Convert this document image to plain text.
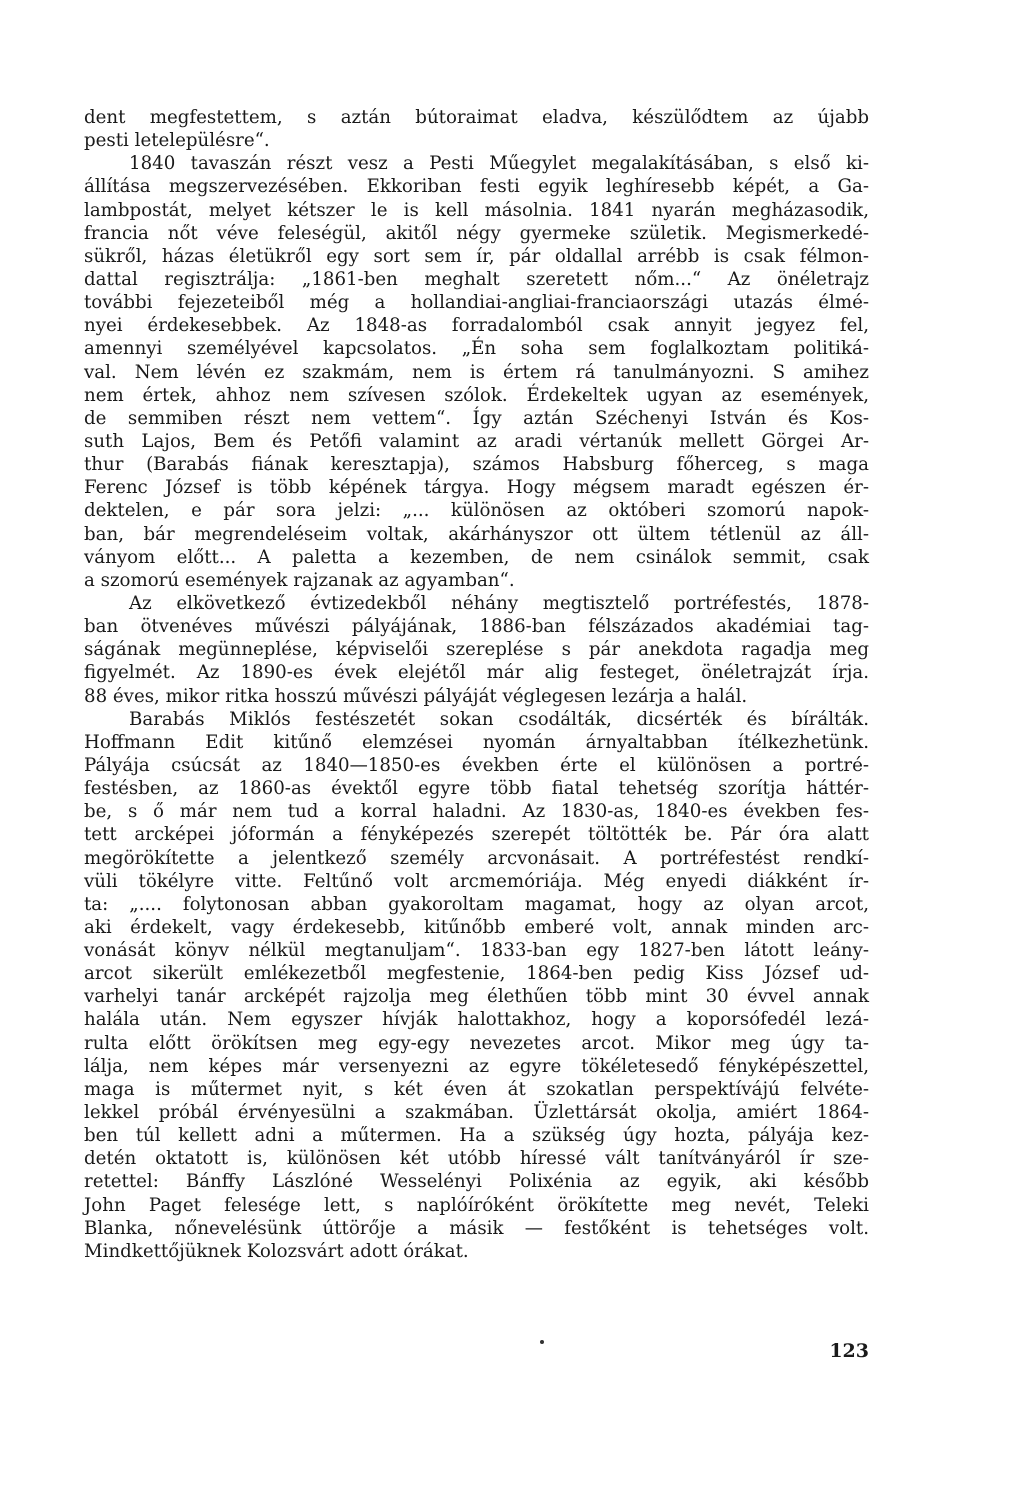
dent megfestettem, s aztán bútoraimat eladva, készülődtem az újabb
pesti letelepülésre“.
1840 tavaszán részt vesz a Pesti Műegylet megalakításában, s első ki-
állítása megszervezésében. Ekkoriban festi egyik leghíresebb képét, a Ga-
lambpostát, melyet kétszer le is kell másolnia. 1841 nyarán megházasodik,
francia nőt véve feleségül, akitől négy gyermeke születik. Megismerkedé-
sükről, házas életükről egy sort sem ír, pár oldallal arrébb is csak félmon-
dattal regisztrálja: „1861-ben meghalt szeretett nőm...“ Az önéletrajz
további fejezeteiből még a hollandiai-angliai-franciaországi utazás élmé-
nyei érdekesebbek. Az 1848-as forradalomból csak annyit jegyez fel,
amennyi személyével kapcsolatos. „Én soha sem foglalkoztam politiká-
val. Nem lévén ez szakmám, nem is értem rá tanulmányozni. S amihez
nem értek, ahhoz nem szívesen szólok. Érdekeltek ugyan az események,
de semmiben részt nem vettem“. Így aztán Széchenyi István és Kos-
suth Lajos, Bem és Petőfi valamint az aradi vértanúk mellett Görgei Ar-
thur (Barabás fiának keresztapja), számos Habsburg főherceg, s maga
Ferenc József is több képének tárgya. Hogy mégsem maradt egészen ér-
dektelen, e pár sora jelzi: „... különösen az októberi szomorú napok-
ban, bár megrendeléseim voltak, akárhányszor ott ültem tétlenül az áll-
ványom előtt... A paletta a kezemben, de nem csinálok semmit, csak
a szomorú események rajzanak az agyamban“.
Az elkövetkező évtizedekből néhány megtisztelő portréfestés, 1878-
ban ötvenéves művészi pályájának, 1886-ban félszázados akadémiai tag-
ságának megünneplése, képviselői szereplése s pár anekdota ragadja meg
figyelmét. Az 1890-es évek elejétől már alig festeget, önéletrajzát írja.
88 éves, mikor ritka hosszú művészi pályáját véglegesen lezárja a halál.
Barabás Miklós festészetét sokan csodálták, dicsérték és bírálták.
Hoffmann Edit kitűnő elemzései nyomán árnyaltabban ítélkezhetünk.
Pályája csúcsát az 1840—1850-es években érte el különösen a portré-
festésben, az 1860-as évektől egyre több fiatal tehetség szorítja háttér-
be, s ő már nem tud a korral haladni. Az 1830-as, 1840-es években fes-
tett arcképei jóformán a fényképezés szerepét töltötték be. Pár óra alatt
megörökítette a jelentkező személy arcvonásait. A portréfestést rendkí-
vüli tökélyre vitte. Feltűnő volt arcmemóriája. Még enyedi diákként ír-
ta: „.... folytonosan abban gyakoroltam magamat, hogy az olyan arcot,
aki érdekelt, vagy érdekesebb, kitűnőbb emberé volt, annak minden arc-
vonását könyv nélkül megtanuljam“. 1833-ban egy 1827-ben látott leány-
arcot sikerült emlékezetből megfestenie, 1864-ben pedig Kiss József ud-
varhelyi tanár arcképét rajzolja meg élethűen több mint 30 évvel annak
halála után. Nem egyszer hívják halottakhoz, hogy a koporsófedél lezá-
rulta előtt örökítsen meg egy-egy nevezetes arcot. Mikor meg úgy ta-
lálja, nem képes már versenyezni az egyre tökéletesedő fényképészettel,
maga is műtermet nyit, s két éven át szokatlan perspektívájú felvéte-
lekkel próbál érvényesülni a szakmában. Üzlettársát okolja, amiért 1864-
ben túl kellett adni a műtermen. Ha a szükség úgy hozta, pályája kez-
detén oktatott is, különösen két utóbb híressé vált tanítványáról ír sze-
retettel: Bánffy Lászlóné Wesselényi Polixénia az egyik, aki később
John Paget felesége lett, s naplóíróként örökítette meg nevét, Teleki
Blanka, nőnevelésünk úttörője a másik — festőként is tehetséges volt.
Mindkettőjüknek Kolozsvárt adott órákat.
123
